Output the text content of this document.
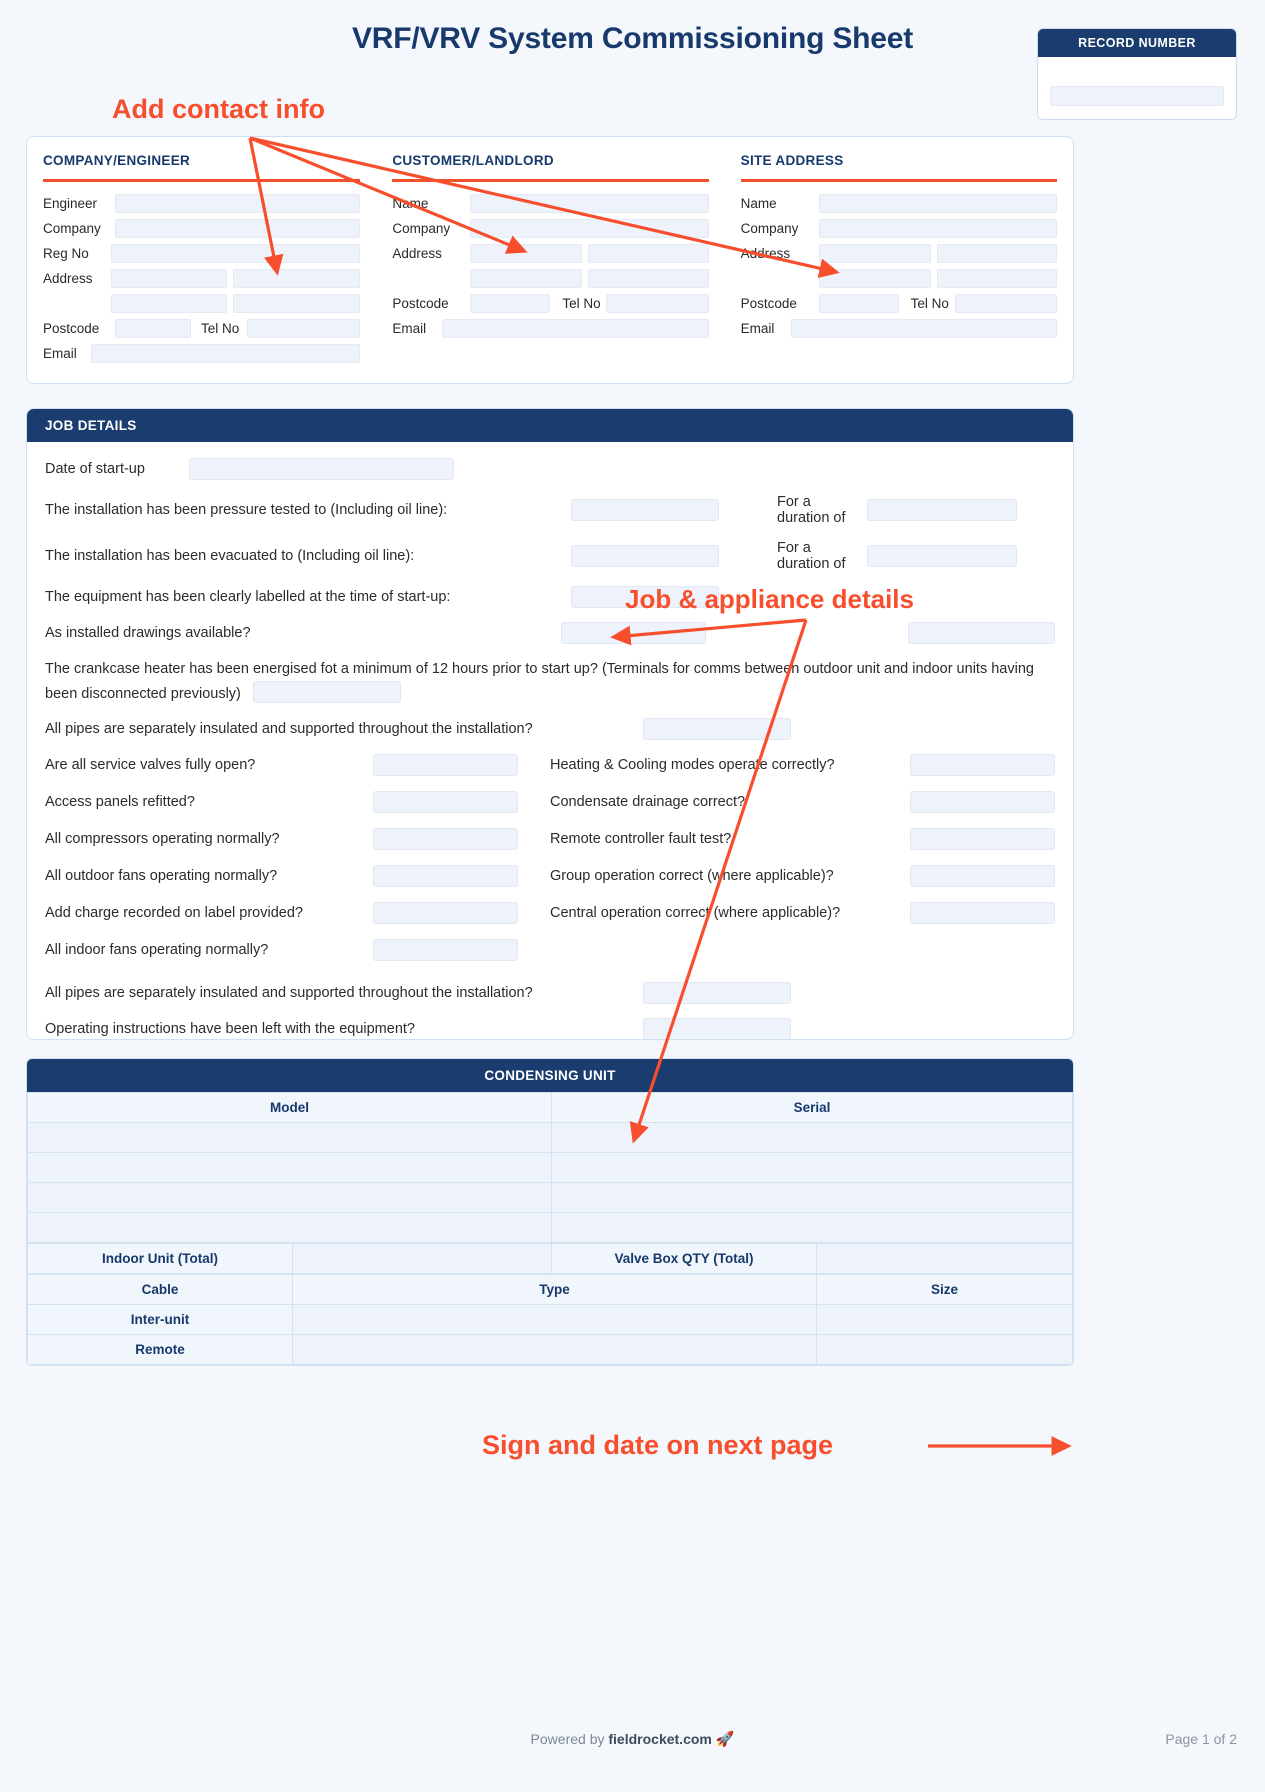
VRF/VRV System Commissioning Sheet	RECORD NUMBER
Add contact info
Job & appliance details
Sign and date on next page
COMPANY/ENGINEER
Engineer
Company
Reg No
Address
Postcode	Tel No
Email
CUSTOMER/LANDLORD
Name
Company
Address
Postcode	Tel No
Email
SITE ADDRESS
Name
Company
Address
Postcode	Tel No
Email
JOB DETAILS
Date of start-up
The installation has been pressure tested to (Including oil line):	For a duration of
The installation has been evacuated to (Including oil line):	For a duration of
The equipment has been clearly labelled at the time of start-up:
As installed drawings available?
The crankcase heater has been energised fot a minimum of 12 hours prior to start up? (Terminals for comms between outdoor unit and indoor units having been disconnected previously)
All pipes are separately insulated and supported throughout the installation?
Are all service valves fully open?
Access panels refitted?
All compressors operating normally?
All outdoor fans operating normally?
Add charge recorded on label provided?
All indoor fans operating normally?
Heating & Cooling modes operate correctly?
Condensate drainage correct?
Remote controller fault test?
Group operation correct (where applicable)?
Central operation correct (where applicable)?
All pipes are separately insulated and supported throughout the installation?
Operating instructions have been left with the equipment?
CONDENSING UNIT
Model	Serial

Indoor Unit (Total)		Valve Box QTY (Total)	
Cable	Type	Size
Inter-unit		
Remote		
Powered by fieldrocket.com 🚀	Page 1 of 2
